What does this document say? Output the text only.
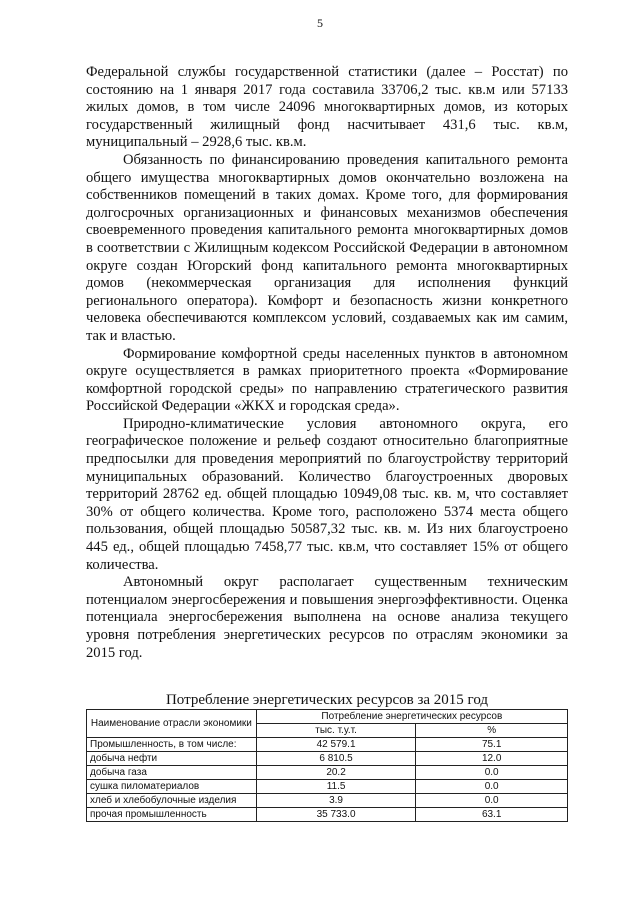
5

Федеральной службы государственной статистики (далее – Росстат) по состоянию на 1 января 2017 года составила 33706,2 тыс. кв.м или 57133 жилых домов, в том числе 24096 многоквартирных домов, из которых государственный жилищный фонд насчитывает 431,6 тыс. кв.м, муниципальный – 2928,6 тыс. кв.м.

Обязанность по финансированию проведения капитального ремонта общего имущества многоквартирных домов окончательно возложена на собственников помещений в таких домах. Кроме того, для формирования долгосрочных организационных и финансовых механизмов обеспечения своевременного проведения капитального ремонта многоквартирных домов в соответствии с Жилищным кодексом Российской Федерации в автономном округе создан Югорский фонд капитального ремонта многоквартирных домов (некоммерческая организация для исполнения функций регионального оператора). Комфорт и безопасность жизни конкретного человека обеспечиваются комплексом условий, создаваемых как им самим, так и властью.

Формирование комфортной среды населенных пунктов в автономном округе осуществляется в рамках приоритетного проекта «Формирование комфортной городской среды» по направлению стратегического развития Российской Федерации «ЖКХ и городская среда».

Природно-климатические условия автономного округа, его географическое положение и рельеф создают относительно благоприятные предпосылки для проведения мероприятий по благоустройству территорий муниципальных образований. Количество благоустроенных дворовых территорий 28762 ед. общей площадью 10949,08 тыс. кв. м, что составляет 30% от общего количества. Кроме того, расположено 5374 места общего пользования, общей площадью 50587,32 тыс. кв. м. Из них благоустроено 445 ед., общей площадью 7458,77 тыс. кв.м, что составляет 15% от общего количества.

Автономный округ располагает существенным техническим потенциалом энергосбережения и повышения энергоэффективности. Оценка потенциала энергосбережения выполнена на основе анализа текущего уровня потребления энергетических ресурсов по отраслям экономики за 2015 год.

Потребление энергетических ресурсов за 2015 год
Наименование отрасли экономики	Потребление энергетических ресурсов	
	тыс. т.у.т.	%
Промышленность, в том числе:	42 579.1	75.1
добыча нефти	6 810.5	12.0
добыча газа	20.2	0.0
сушка пиломатериалов	11.5	0.0
хлеб и хлебобулочные изделия	3.9	0.0
прочая промышленность	35 733.0	63.1
